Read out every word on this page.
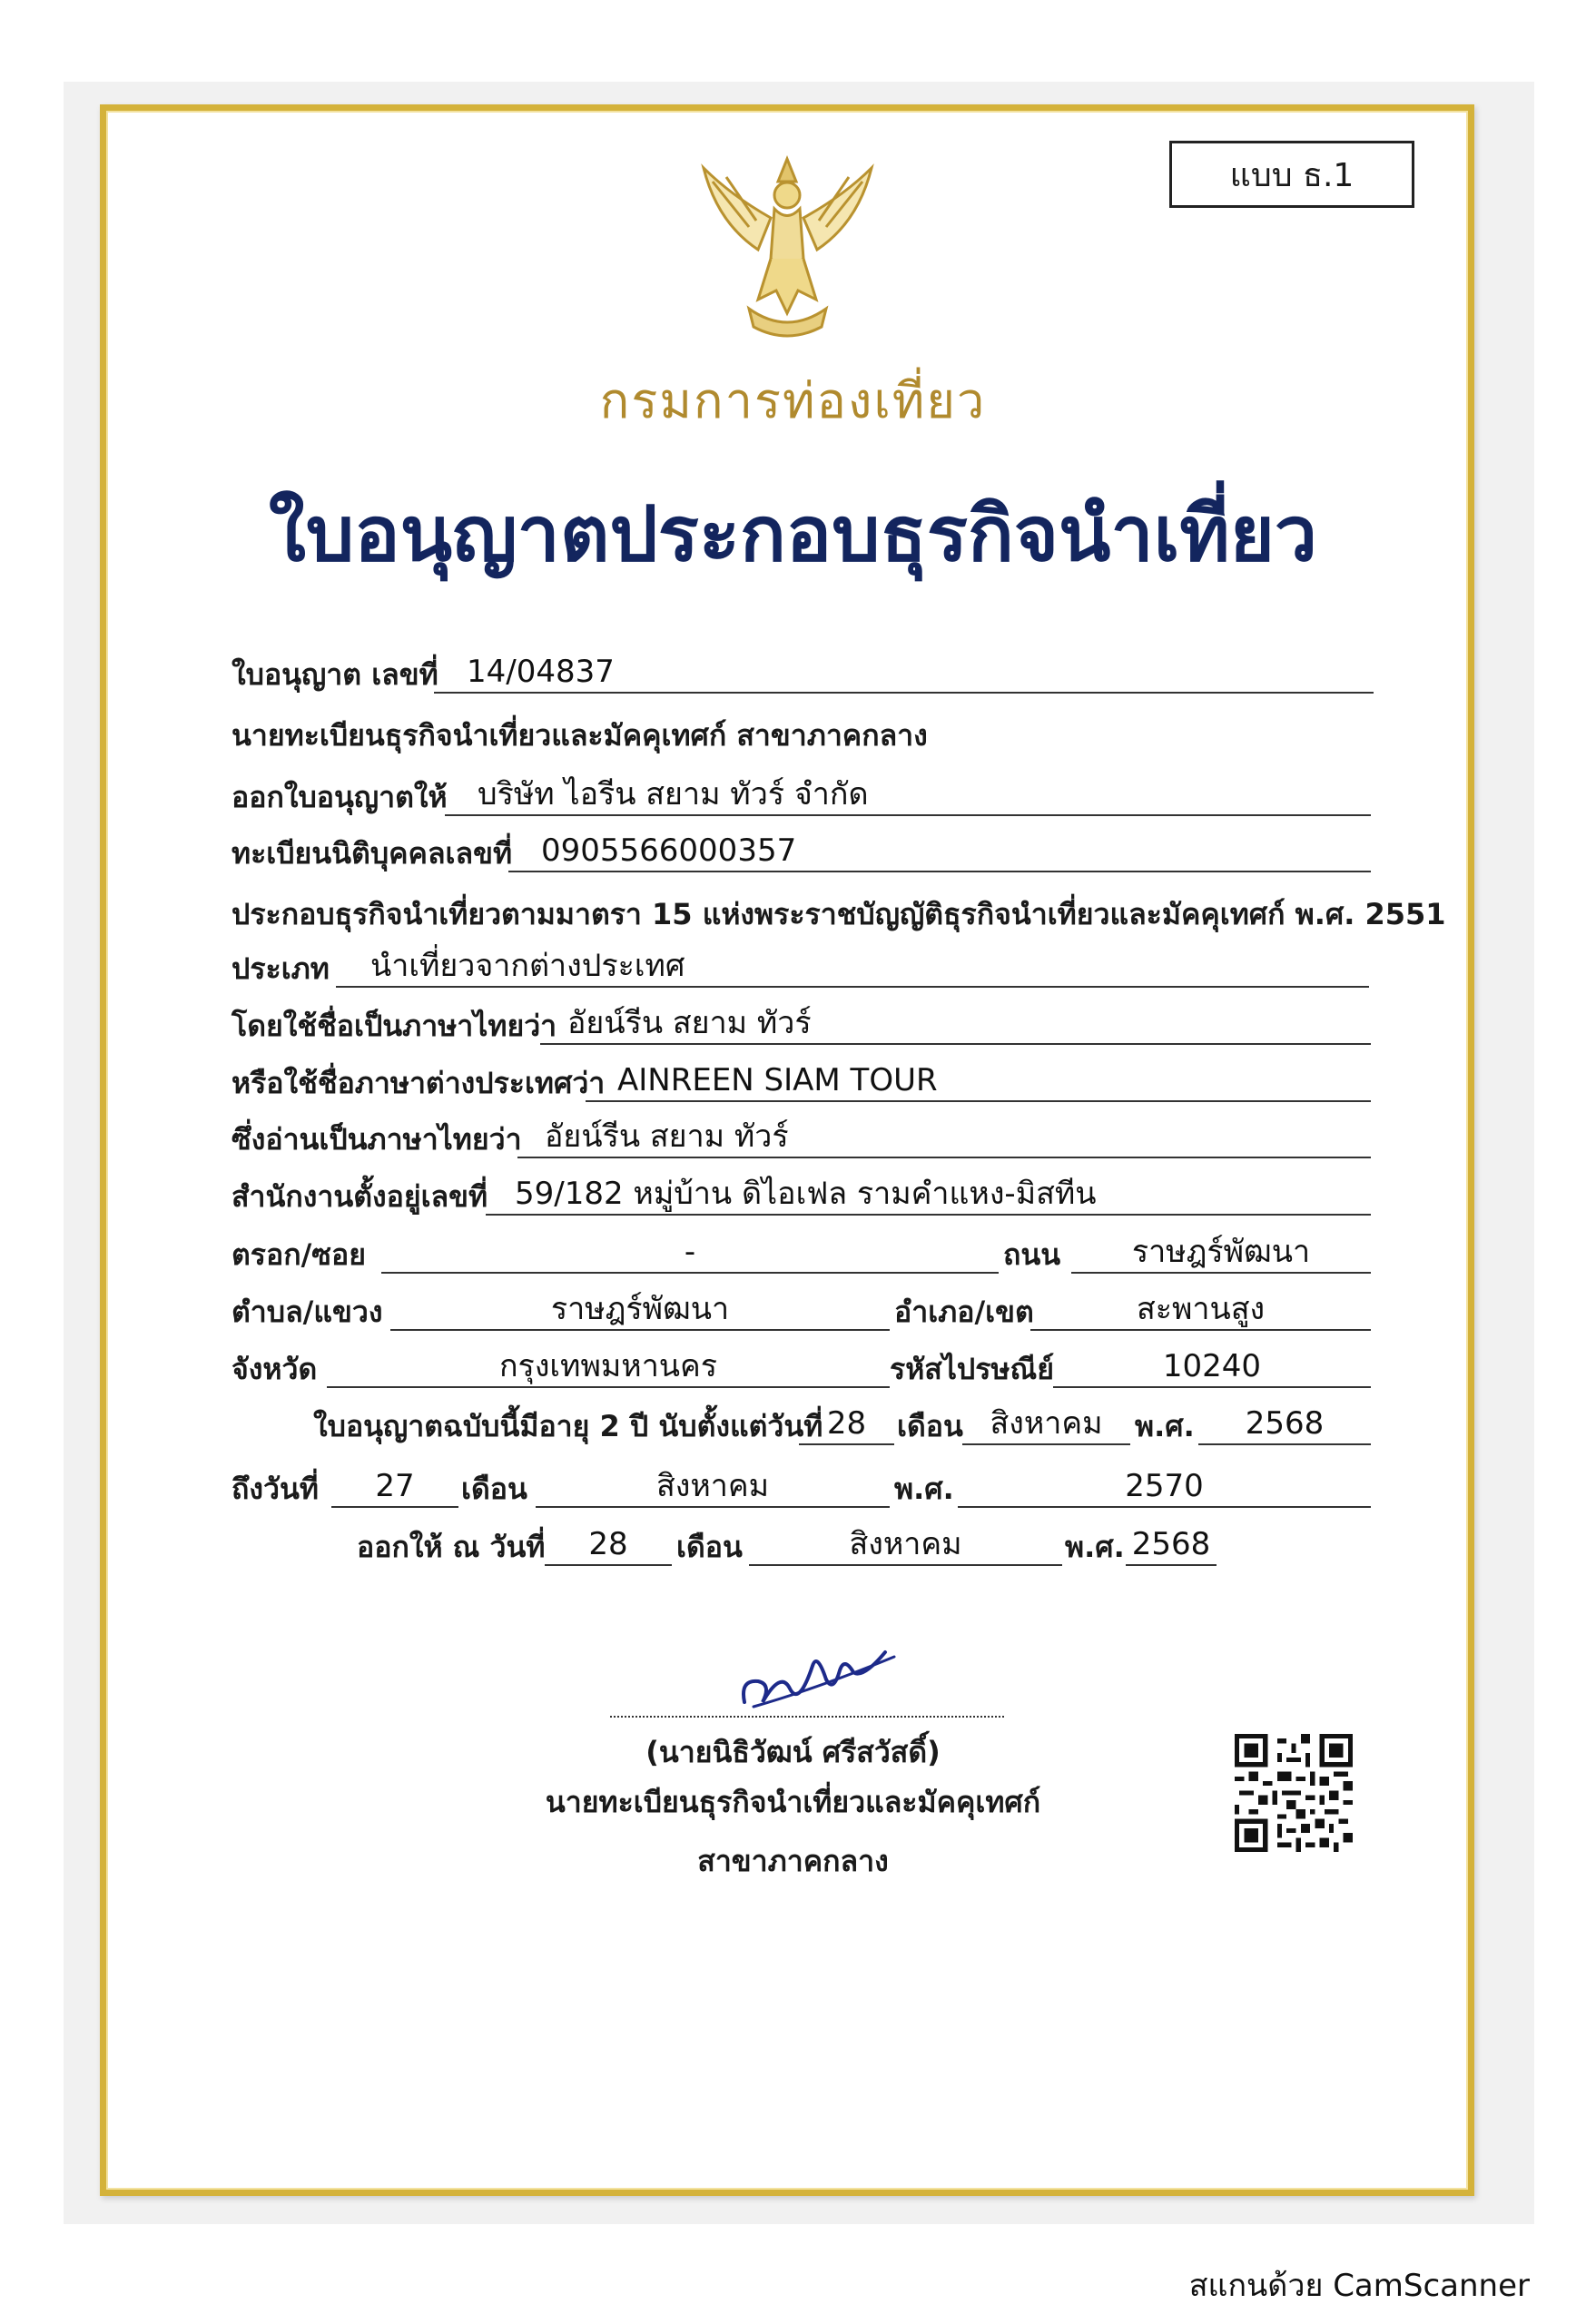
แบบ ธ.1
กรมการท่องเที่ยว
ใบอนุญาตประกอบธุรกิจนำเที่ยว
ใบอนุญาต เลขที่ 14/04837
นายทะเบียนธุรกิจนำเที่ยวและมัคคุเทศก์ สาขาภาคกลาง
ออกใบอนุญาตให้ บริษัท ไอรีน สยาม ทัวร์ จำกัด
ทะเบียนนิติบุคคลเลขที่ 0905566000357
ประกอบธุรกิจนำเที่ยวตามมาตรา 15 แห่งพระราชบัญญัติธุรกิจนำเที่ยวและมัคคุเทศก์ พ.ศ. 2551
ประเภท	นำเที่ยวจากต่างประเทศ
โดยใช้ชื่อเป็นภาษาไทยว่า อัยน์รีน สยาม ทัวร์
หรือใช้ชื่อภาษาต่างประเทศว่า AINREEN SIAM TOUR
ซึ่งอ่านเป็นภาษาไทยว่า อัยน์รีน สยาม ทัวร์
สำนักงานตั้งอยู่เลขที่ 59/182 หมู่บ้าน ดิไอเฟล รามคำแหง-มิสทีน
ตรอก/ซอย	-	ถนน	ราษฎร์พัฒนา
ตำบล/แขวง	ราษฎร์พัฒนา	อำเภอ/เขต	สะพานสูง
จังหวัด	กรุงเทพมหานคร	รหัสไปรษณีย์	10240
ใบอนุญาตฉบับนี้มีอายุ 2 ปี นับตั้งแต่วันที่ 28	เดือน สิงหาคม	พ.ศ.	2568
ถึงวันที่	27	เดือน	สิงหาคม	พ.ศ.	2570
ออกให้ ณ วันที่	28	เดือน	สิงหาคม	พ.ศ. 2568
(นายนิธิวัฒน์ ศรีสวัสดิ์)
นายทะเบียนธุรกิจนำเที่ยวและมัคคุเทศก์
สาขาภาคกลาง
สแกนด้วย CamScanner
